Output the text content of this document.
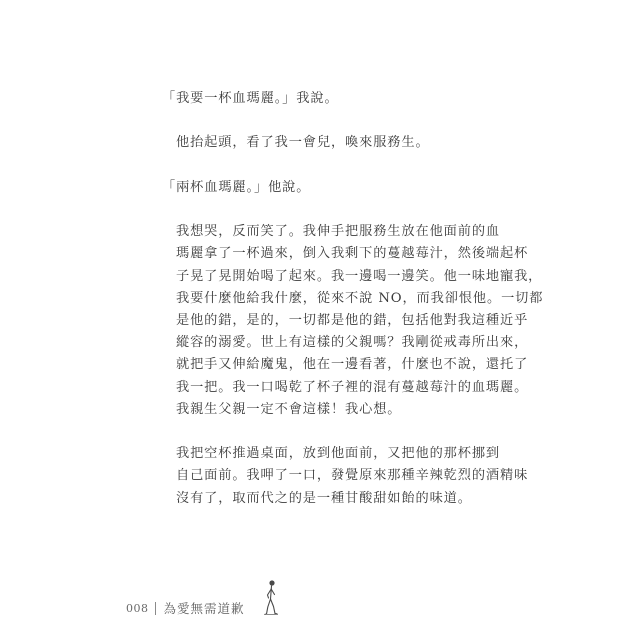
「我要一杯血瑪麗。」我說。

他抬起頭，看了我一會兒，喚來服務生。

「兩杯血瑪麗。」他說。

我想哭，反而笑了。我伸手把服務生放在他面前的血
瑪麗拿了一杯過來，倒入我剩下的蔓越莓汁，然後端起杯
子晃了晃開始喝了起來。我一邊喝一邊笑。他一味地寵我，
我要什麼他給我什麼，從來不說 NO，而我卻恨他。一切都
是他的錯，是的，一切都是他的錯，包括他對我這種近乎
縱容的溺愛。世上有這樣的父親嗎？我剛從戒毒所出來，
就把手又伸給魔鬼，他在一邊看著，什麼也不說，還托了
我一把。我一口喝乾了杯子裡的混有蔓越莓汁的血瑪麗。
我親生父親一定不會這樣！我心想。

我把空杯推過桌面，放到他面前，又把他的那杯挪到
自己面前。我呷了一口，發覺原來那種辛辣乾烈的酒精味
沒有了，取而代之的是一種甘酸甜如飴的味道。

008 為愛無需道歉
